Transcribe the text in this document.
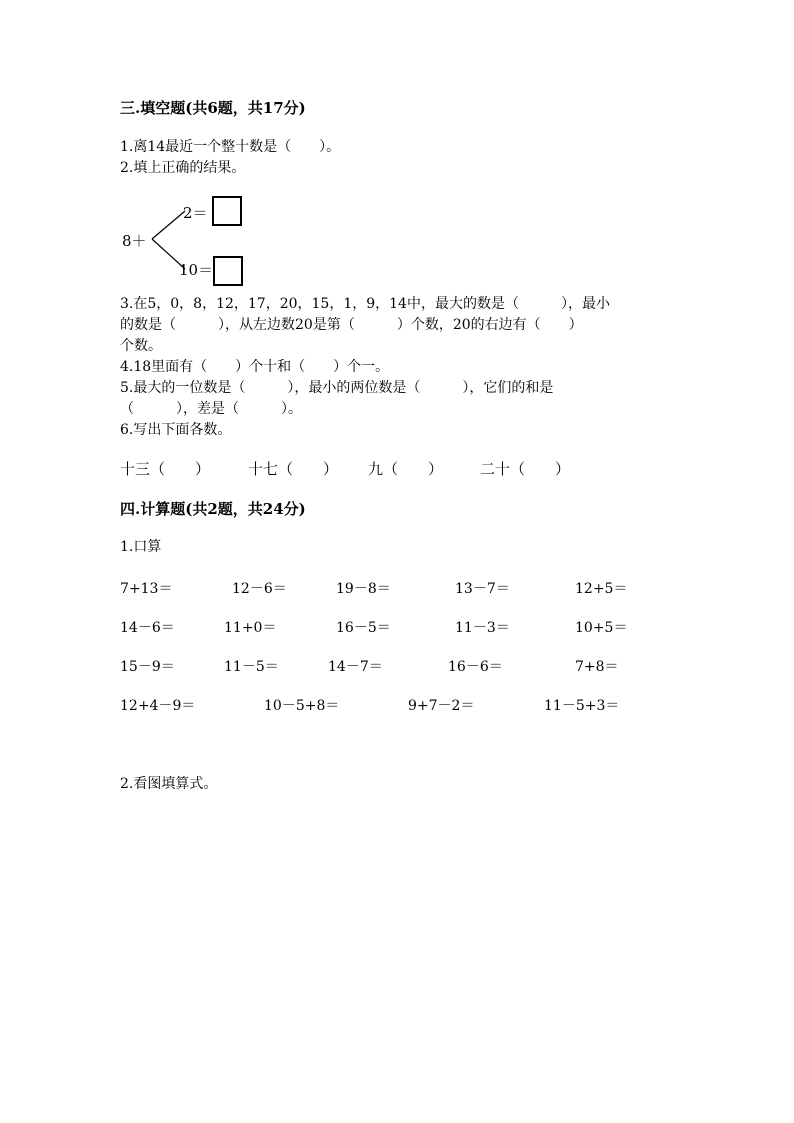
三.填空题(共6题，共17分)
1.离14最近一个整十数是（　　）。
2.填上正确的结果。
8＋
2＝
10＝
3.在5，0，8，12，17，20，15，1，9，14中，最大的数是（　　　），最小
的数是（　　　），从左边数20是第（　　　）个数，20的右边有（　　）
个数。
4.18里面有（　　）个十和（　　）个一。
5.最大的一位数是（　　　），最小的两位数是（　　　），它们的和是
（　　　），差是（　　　）。
6.写出下面各数。
十三（　　）	十七（　　） 九（　　） 二十（　　）
四.计算题(共2题，共24分)
1.口算
7+13＝	12－6＝	19－8＝	13－7＝	12+5＝
14－6＝	11+0＝	16－5＝	11－3＝	10+5＝
15－9＝	11－5＝	14－7＝	16－6＝	7+8＝
12+4－9＝	10－5+8＝	9+7－2＝	11－5+3＝
2.看图填算式。
